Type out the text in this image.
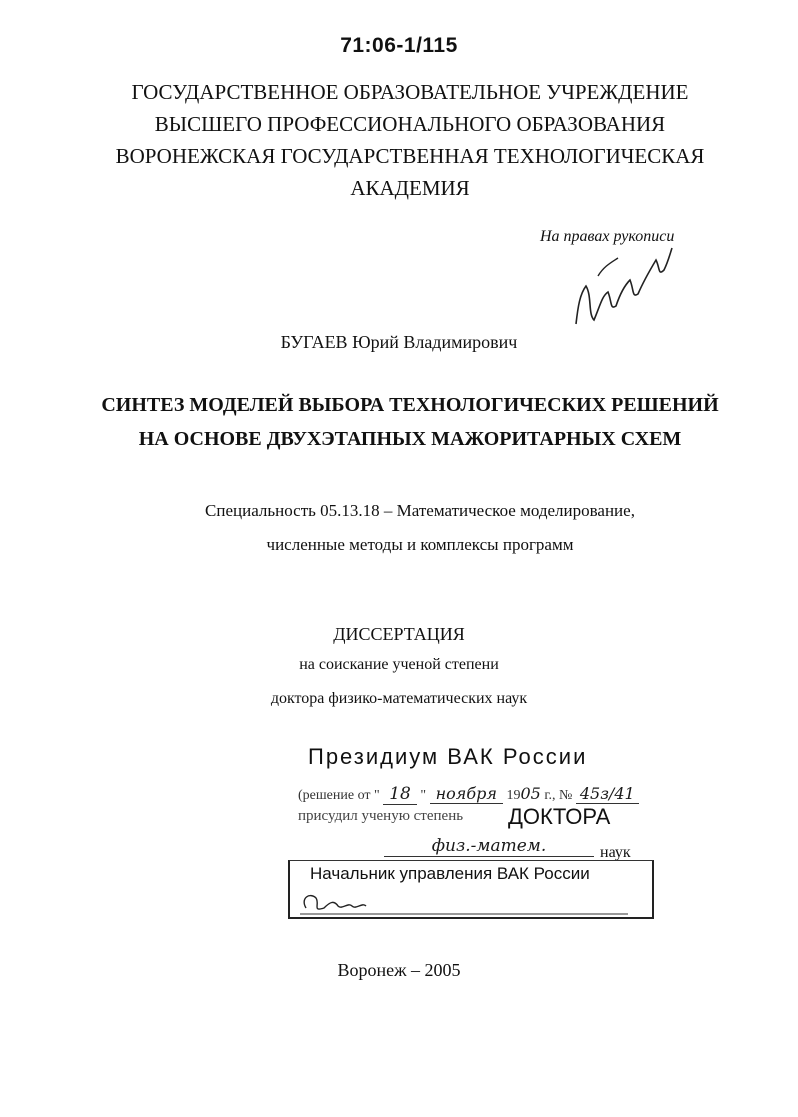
71:06-1/115
ГОСУДАРСТВЕННОЕ ОБРАЗОВАТЕЛЬНОЕ УЧРЕЖДЕНИЕ
ВЫСШЕГО ПРОФЕССИОНАЛЬНОГО ОБРАЗОВАНИЯ
ВОРОНЕЖСКАЯ ГОСУДАРСТВЕННАЯ ТЕХНОЛОГИЧЕСКАЯ
АКАДЕМИЯ
На правах рукописи
БУГАЕВ Юрий Владимирович
СИНТЕЗ МОДЕЛЕЙ ВЫБОРА ТЕХНОЛОГИЧЕСКИХ РЕШЕНИЙ
НА ОСНОВЕ ДВУХЭТАПНЫХ МАЖОРИТАРНЫХ СХЕМ
Специальность 05.13.18 – Математическое моделирование,
численные методы и комплексы программ
ДИССЕРТАЦИЯ
на соискание ученой степени
доктора физико-математических наук
Президиум ВАК России
(решение от " 18 " ноября 1905 г., № 45з/41
присудил ученую степень ДОКТОРА
физ.-матем.	наук
Начальник управления ВАК России
Воронеж – 2005
